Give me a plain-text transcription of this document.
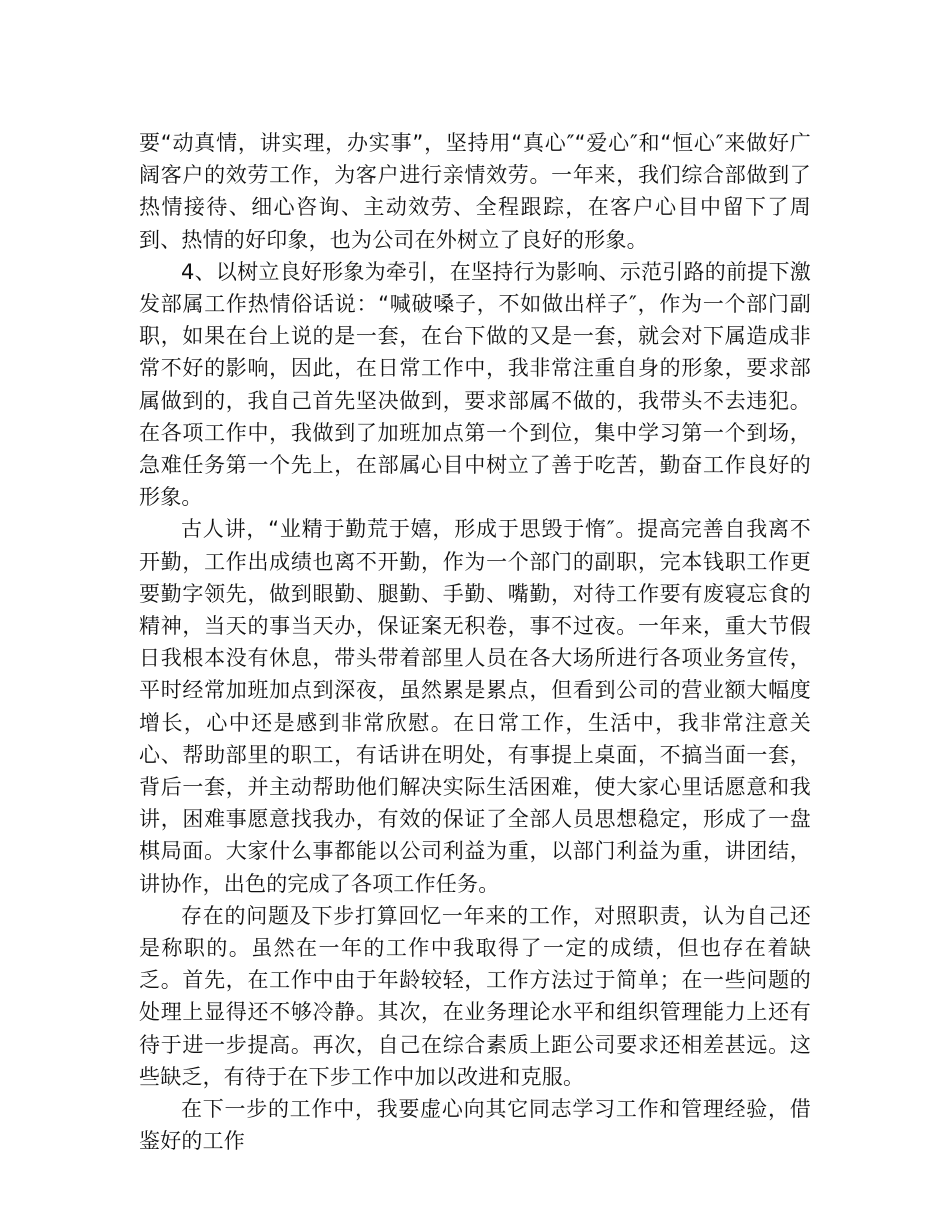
要“动真情，讲实理，办实事”，坚持用“真心″“爱心″和“恒心″来做好广阔客户的效劳工作，为客户进行亲情效劳。一年来，我们综合部做到了热情接待、细心咨询、主动效劳、全程跟踪，在客户心目中留下了周到、热情的好印象，也为公司在外树立了良好的形象。

4、以树立良好形象为牵引，在坚持行为影响、示范引路的前提下激发部属工作热情俗话说：“喊破嗓子，不如做出样子″，作为一个部门副职，如果在台上说的是一套，在台下做的又是一套，就会对下属造成非常不好的影响，因此，在日常工作中，我非常注重自身的形象，要求部属做到的，我自己首先坚决做到，要求部属不做的，我带头不去违犯。在各项工作中，我做到了加班加点第一个到位，集中学习第一个到场，急难任务第一个先上，在部属心目中树立了善于吃苦，勤奋工作良好的形象。

古人讲，“业精于勤荒于嬉，形成于思毁于惰″。提高完善自我离不开勤，工作出成绩也离不开勤，作为一个部门的副职，完本钱职工作更要勤字领先，做到眼勤、腿勤、手勤、嘴勤，对待工作要有废寝忘食的精神，当天的事当天办，保证案无积卷，事不过夜。一年来，重大节假日我根本没有休息，带头带着部里人员在各大场所进行各项业务宣传，平时经常加班加点到深夜，虽然累是累点，但看到公司的营业额大幅度增长，心中还是感到非常欣慰。在日常工作，生活中，我非常注意关心、帮助部里的职工，有话讲在明处，有事提上桌面，不搞当面一套，背后一套，并主动帮助他们解决实际生活困难，使大家心里话愿意和我讲，困难事愿意找我办，有效的保证了全部人员思想稳定，形成了一盘棋局面。大家什么事都能以公司利益为重，以部门利益为重，讲团结，讲协作，出色的完成了各项工作任务。

存在的问题及下步打算回忆一年来的工作，对照职责，认为自己还是称职的。虽然在一年的工作中我取得了一定的成绩，但也存在着缺乏。首先，在工作中由于年龄较轻，工作方法过于简单；在一些问题的处理上显得还不够冷静。其次，在业务理论水平和组织管理能力上还有待于进一步提高。再次，自己在综合素质上距公司要求还相差甚远。这些缺乏，有待于在下步工作中加以改进和克服。

在下一步的工作中，我要虚心向其它同志学习工作和管理经验，借鉴好的工作
